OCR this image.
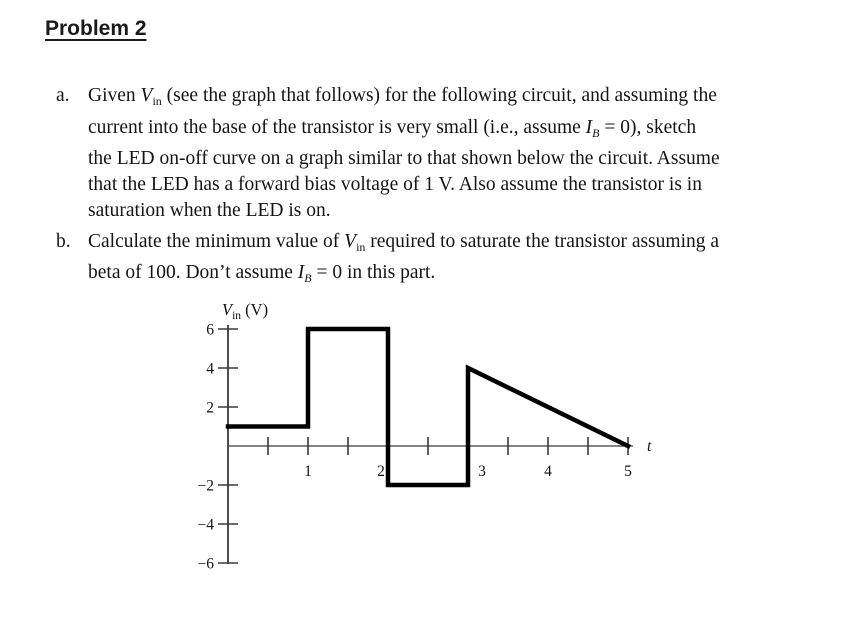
Problem 2
a. Given $V_{in}$ (see the graph that follows) for the following circuit, and assuming the
current into the base of the transistor is very small (i.e., assume $I_B = 0$), sketch
the LED on-off curve on a graph similar to that shown below the circuit. Assume
that the LED has a forward bias voltage of 1 V. Also assume the transistor is in
saturation when the LED is on.
b. Calculate the minimum value of $V_{in}$ required to saturate the transistor assuming a
beta of 100. Don’t assume $I_B = 0$ in this part.
1	2	3	4	5
6
4
2
−2
−4
−6
t
$V_{in}$ (V)
